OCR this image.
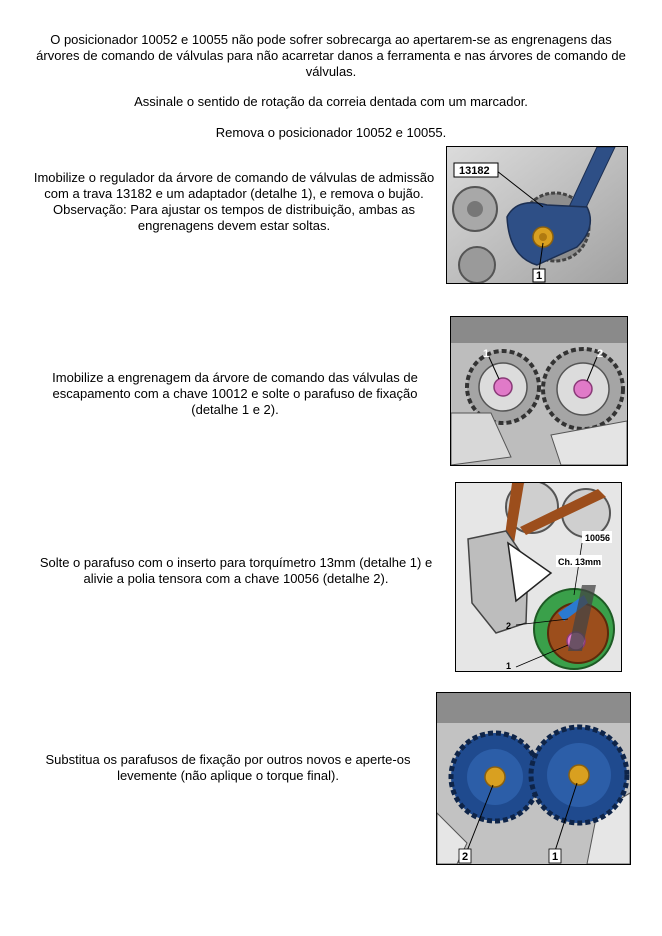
O posicionador 10052 e 10055 não pode sofrer sobrecarga ao apertarem-se as engrenagens das árvores de comando de válvulas para não acarretar danos a ferramenta e nas árvores de comando de válvulas.
Assinale o sentido de rotação da correia dentada com um marcador.
Remova o posicionador 10052 e 10055.
Imobilize o regulador da árvore de comando de válvulas de admissão com a trava 13182 e um adaptador (detalhe 1), e remova o bujão.
Observação: Para ajustar os tempos de distribuição, ambas as engrenagens devem estar soltas.
13182
1
Imobilize a engrenagem da árvore de comando das válvulas de escapamento com a chave 10012 e solte o parafuso de fixação (detalhe 1 e 2).
1	2
Solte o parafuso com o inserto para torquímetro 13mm (detalhe 1) e alivie a polia tensora com a chave 10056 (detalhe 2).
10056
Ch. 13mm
2
1
Substitua os parafusos de fixação por outros novos e aperte-os levemente (não aplique o torque final).
2	1
